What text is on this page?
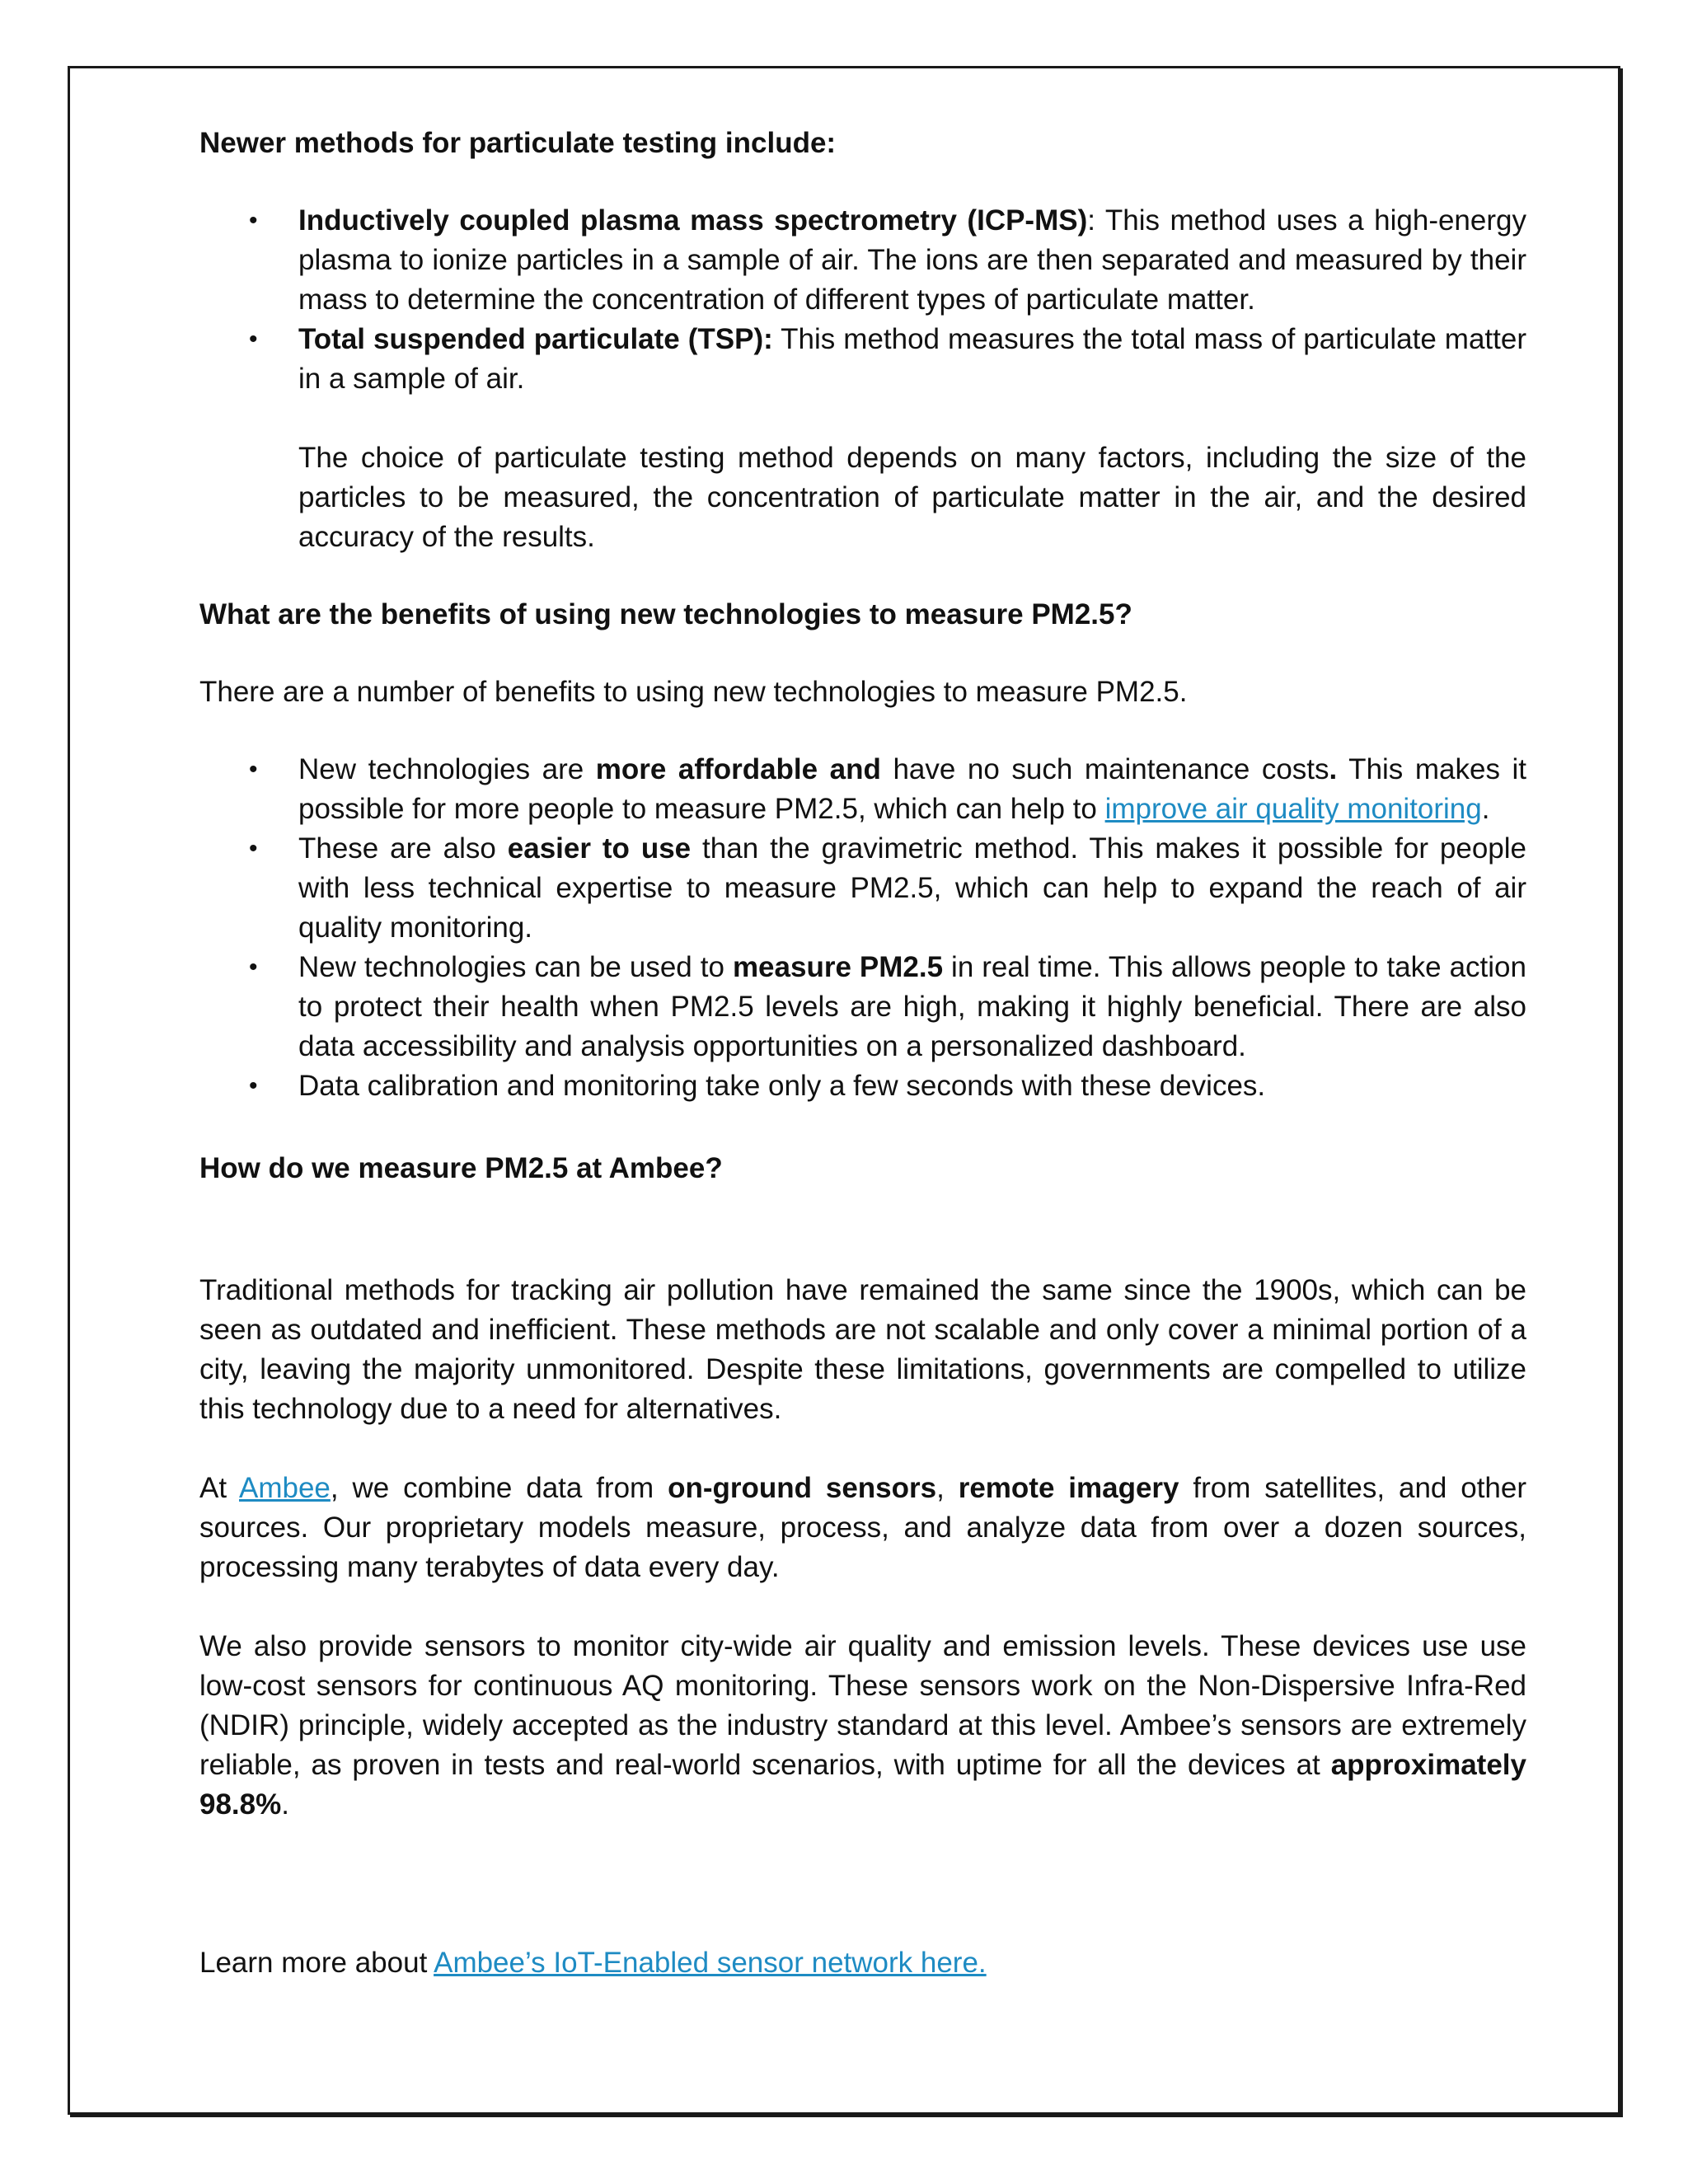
Newer methods for particulate testing include:

• Inductively coupled plasma mass spectrometry (ICP-MS): This method uses a high-energy plasma to ionize particles in a sample of air. The ions are then separated and measured by their mass to determine the concentration of different types of particulate matter.
• Total suspended particulate (TSP): This method measures the total mass of particulate matter in a sample of air.

The choice of particulate testing method depends on many factors, including the size of the particles to be measured, the concentration of particulate matter in the air, and the desired accuracy of the results.

What are the benefits of using new technologies to measure PM2.5?

There are a number of benefits to using new technologies to measure PM2.5.

• New technologies are more affordable and have no such maintenance costs. This makes it possible for more people to measure PM2.5, which can help to improve air quality monitoring.
• These are also easier to use than the gravimetric method. This makes it possible for people with less technical expertise to measure PM2.5, which can help to expand the reach of air quality monitoring.
• New technologies can be used to measure PM2.5 in real time. This allows people to take action to protect their health when PM2.5 levels are high, making it highly beneficial. There are also data accessibility and analysis opportunities on a personalized dashboard.
• Data calibration and monitoring take only a few seconds with these devices.

How do we measure PM2.5 at Ambee?

Traditional methods for tracking air pollution have remained the same since the 1900s, which can be seen as outdated and inefficient. These methods are not scalable and only cover a minimal portion of a city, leaving the majority unmonitored. Despite these limitations, governments are compelled to utilize this technology due to a need for alternatives.

At Ambee, we combine data from on-ground sensors, remote imagery from satellites, and other sources. Our proprietary models measure, process, and analyze data from over a dozen sources, processing many terabytes of data every day.

We also provide sensors to monitor city-wide air quality and emission levels. These devices use use low-cost sensors for continuous AQ monitoring. These sensors work on the Non-Dispersive Infra-Red (NDIR) principle, widely accepted as the industry standard at this level. Ambee’s sensors are extremely reliable, as proven in tests and real-world scenarios, with uptime for all the devices at approximately 98.8%.

Learn more about Ambee’s IoT-Enabled sensor network here.
